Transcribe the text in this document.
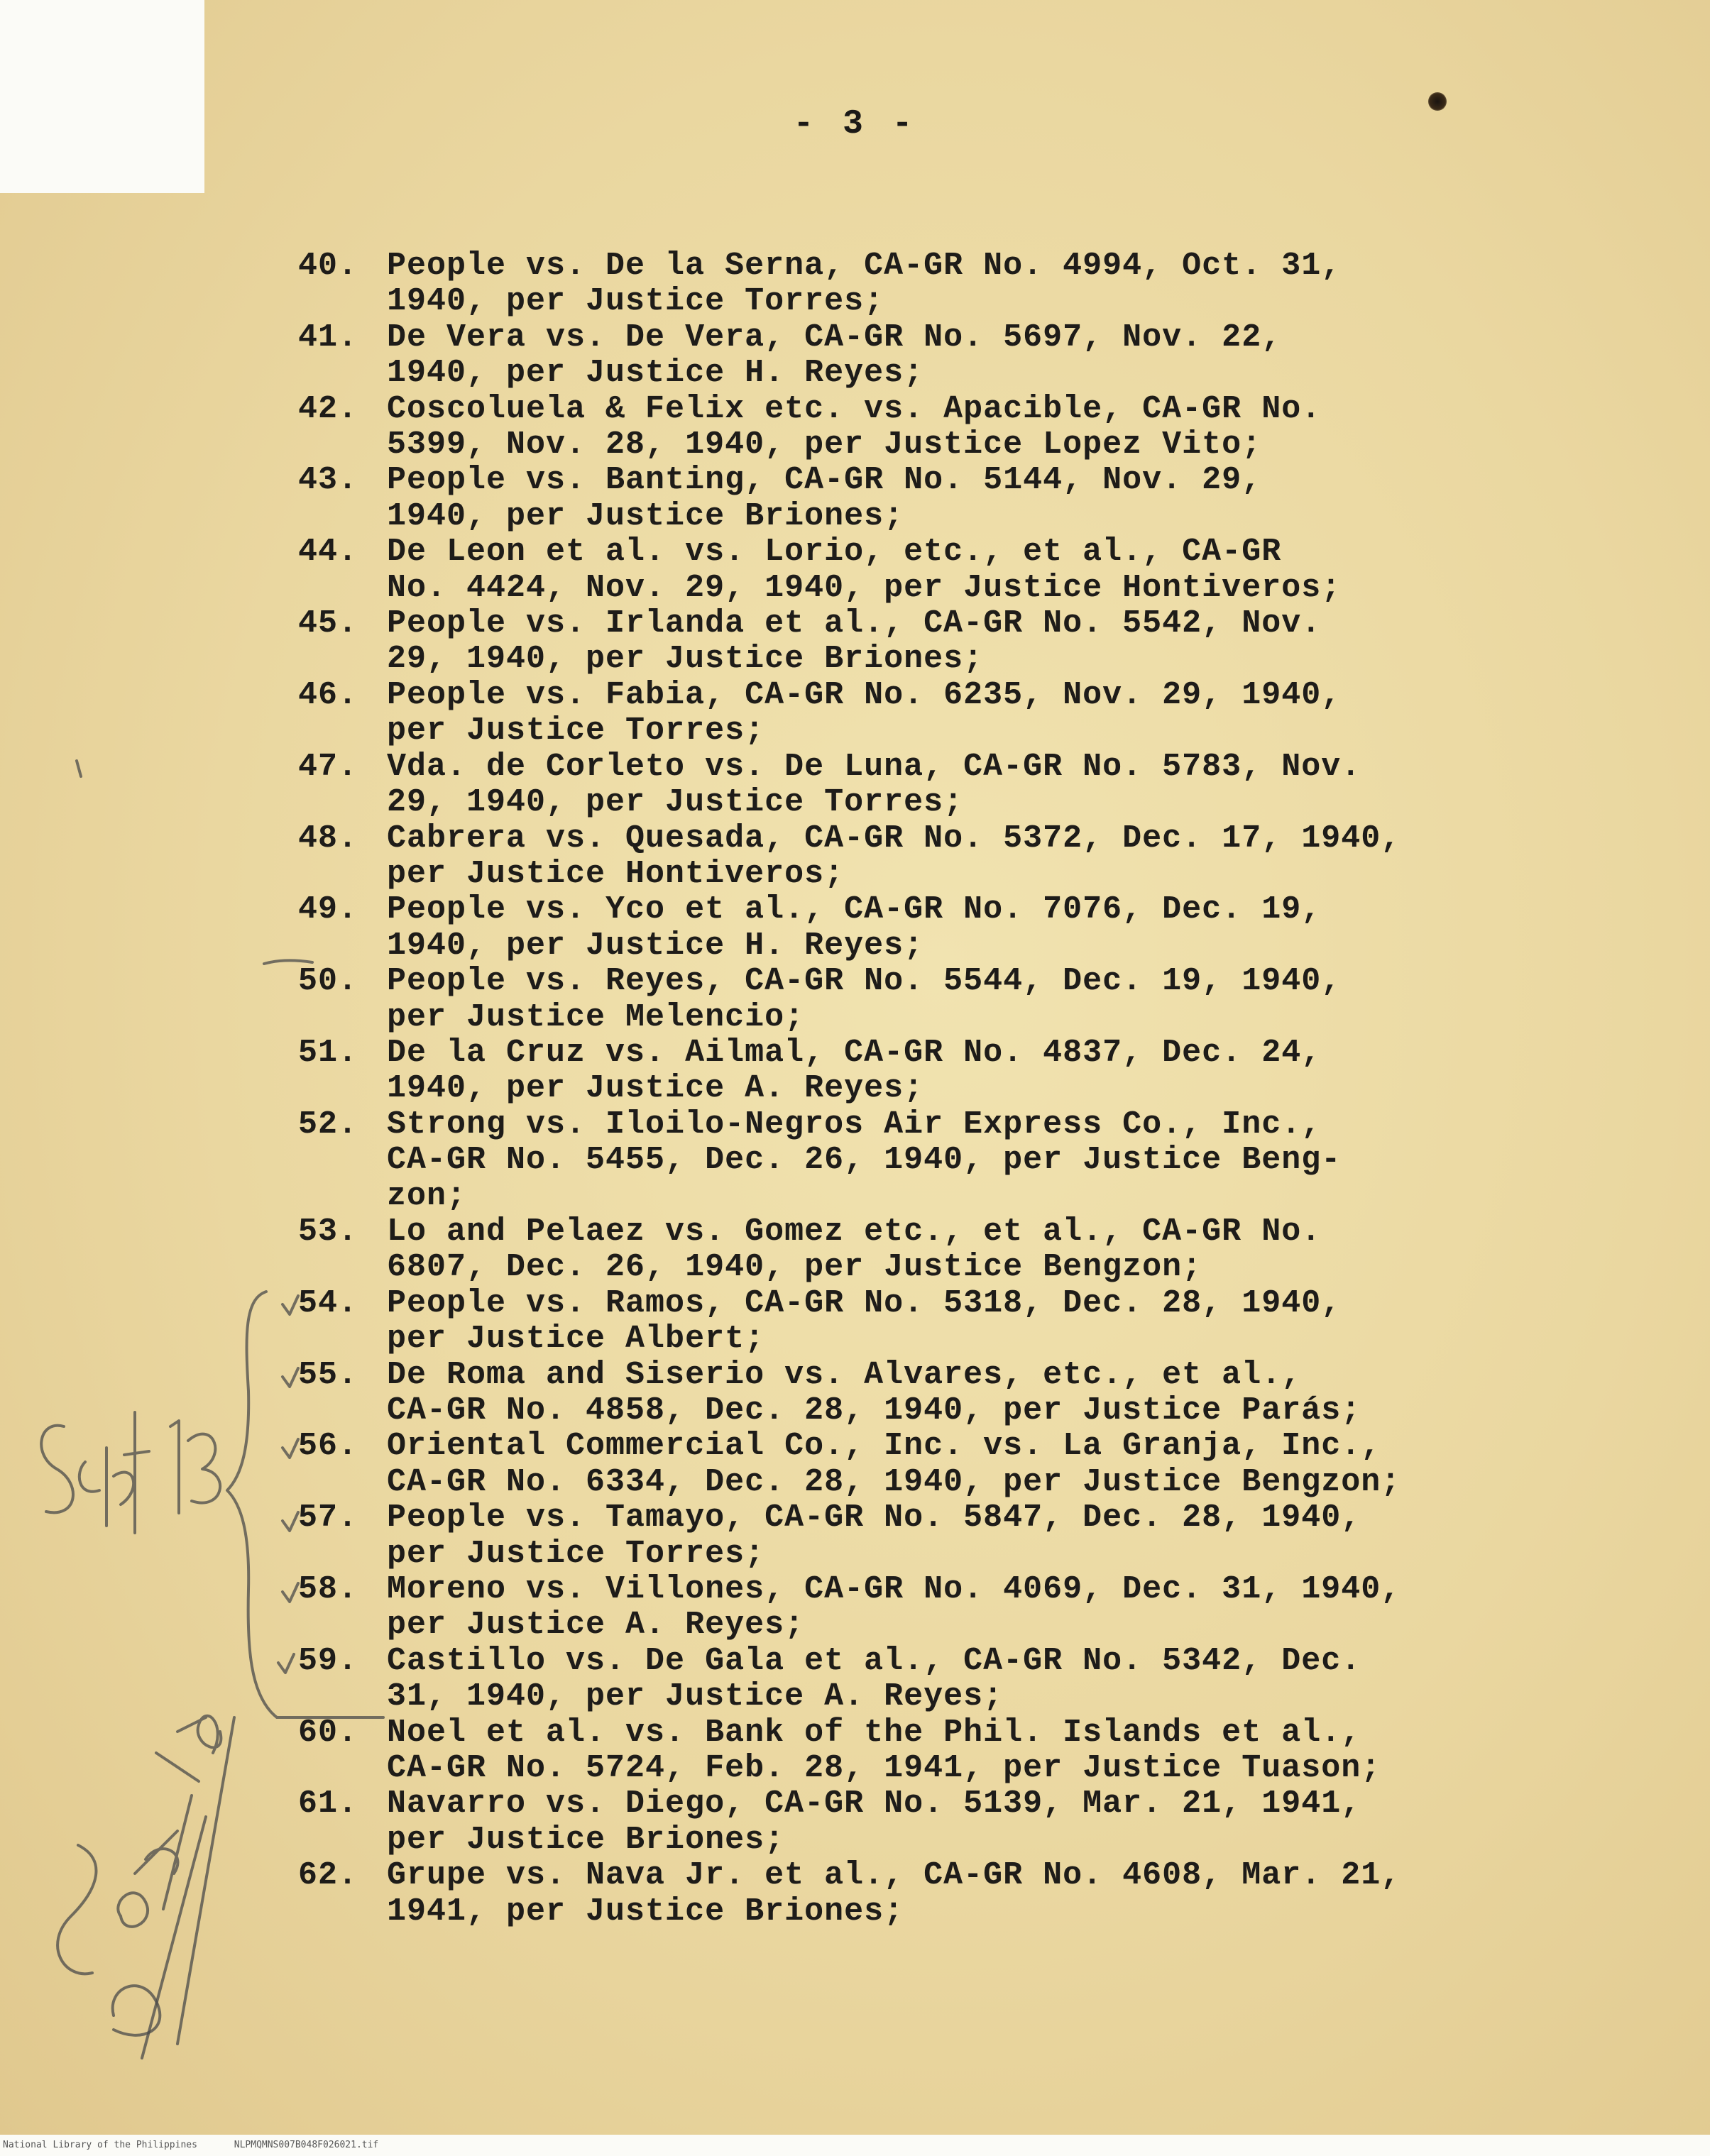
- 3 -
40. People vs. De la Serna, CA-GR No. 4994, Oct. 31,
1940, per Justice Torres;
41. De Vera vs. De Vera, CA-GR No. 5697, Nov. 22,
1940, per Justice H. Reyes;
42. Coscoluela & Felix etc. vs. Apacible, CA-GR No.
5399, Nov. 28, 1940, per Justice Lopez Vito;
43. People vs. Banting, CA-GR No. 5144, Nov. 29,
1940, per Justice Briones;
44. De Leon et al. vs. Lorio, etc., et al., CA-GR
No. 4424, Nov. 29, 1940, per Justice Hontiveros;
45. People vs. Irlanda et al., CA-GR No. 5542, Nov.
29, 1940, per Justice Briones;
46. People vs. Fabia, CA-GR No. 6235, Nov. 29, 1940,
per Justice Torres;
47. Vda. de Corleto vs. De Luna, CA-GR No. 5783, Nov.
29, 1940, per Justice Torres;
48. Cabrera vs. Quesada, CA-GR No. 5372, Dec. 17, 1940,
per Justice Hontiveros;
49. People vs. Yco et al., CA-GR No. 7076, Dec. 19,
1940, per Justice H. Reyes;
50. People vs. Reyes, CA-GR No. 5544, Dec. 19, 1940,
per Justice Melencio;
51. De la Cruz vs. Ailmal, CA-GR No. 4837, Dec. 24,
1940, per Justice A. Reyes;
52. Strong vs. Iloilo-Negros Air Express Co., Inc.,
CA-GR No. 5455, Dec. 26, 1940, per Justice Beng-
zon;
53. Lo and Pelaez vs. Gomez etc., et al., CA-GR No.
6807, Dec. 26, 1940, per Justice Bengzon;
54. People vs. Ramos, CA-GR No. 5318, Dec. 28, 1940,
per Justice Albert;
55. De Roma and Siserio vs. Alvares, etc., et al.,
CA-GR No. 4858, Dec. 28, 1940, per Justice Parás;
56. Oriental Commercial Co., Inc. vs. La Granja, Inc.,
CA-GR No. 6334, Dec. 28, 1940, per Justice Bengzon;
57. People vs. Tamayo, CA-GR No. 5847, Dec. 28, 1940,
per Justice Torres;
58. Moreno vs. Villones, CA-GR No. 4069, Dec. 31, 1940,
per Justice A. Reyes;
59. Castillo vs. De Gala et al., CA-GR No. 5342, Dec.
31, 1940, per Justice A. Reyes;
60. Noel et al. vs. Bank of the Phil. Islands et al.,
CA-GR No. 5724, Feb. 28, 1941, per Justice Tuason;
61. Navarro vs. Diego, CA-GR No. 5139, Mar. 21, 1941,
per Justice Briones;
62. Grupe vs. Nava Jr. et al., CA-GR No. 4608, Mar. 21,
1941, per Justice Briones;
National Library of the Philippines	NLPMQMNS007B048F026021.tif
